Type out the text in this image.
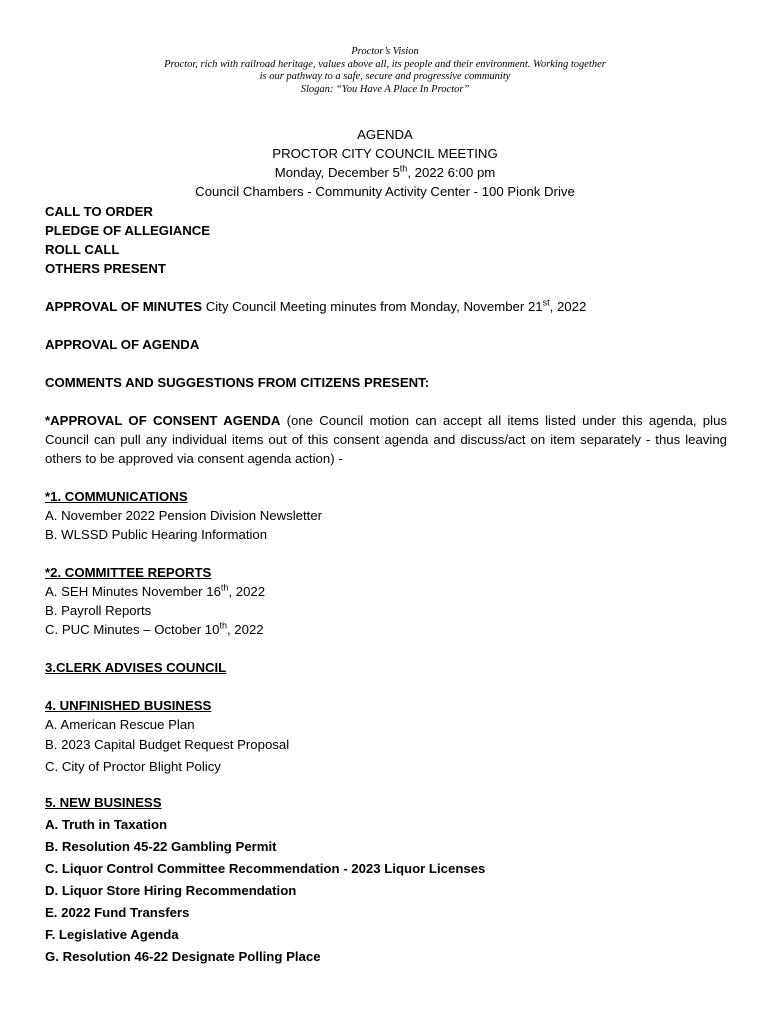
Proctor’s Vision
Proctor, rich with railroad heritage, values above all, its people and their environment. Working together
is our pathway to a safe, secure and progressive community
Slogan: “You Have A Place In Proctor”
AGENDA
PROCTOR CITY COUNCIL MEETING
Monday, December 5th, 2022 6:00 pm
Council Chambers - Community Activity Center - 100 Pionk Drive

CALL TO ORDER

PLEDGE OF ALLEGIANCE

ROLL CALL

OTHERS PRESENT

APPROVAL OF MINUTES City Council Meeting minutes from Monday, November 21st, 2022

APPROVAL OF AGENDA

COMMENTS AND SUGGESTIONS FROM CITIZENS PRESENT:

*APPROVAL OF CONSENT AGENDA (one Council motion can accept all items listed under this agenda, plus Council can pull any individual items out of this consent agenda and discuss/act on item separately - thus leaving others to be approved via consent agenda action) -

*1. COMMUNICATIONS

A. November 2022 Pension Division Newsletter

B. WLSSD Public Hearing Information

*2. COMMITTEE REPORTS

A. SEH Minutes November 16th, 2022

B. Payroll Reports

C. PUC Minutes – October 10th, 2022

3.CLERK ADVISES COUNCIL

4. UNFINISHED BUSINESS

A. American Rescue Plan

B. 2023 Capital Budget Request Proposal

C. City of Proctor Blight Policy

5. NEW BUSINESS

A. Truth in Taxation

B. Resolution 45-22 Gambling Permit

C. Liquor Control Committee Recommendation - 2023 Liquor Licenses

D. Liquor Store Hiring Recommendation

E. 2022 Fund Transfers

F. Legislative Agenda

G. Resolution 46-22 Designate Polling Place
